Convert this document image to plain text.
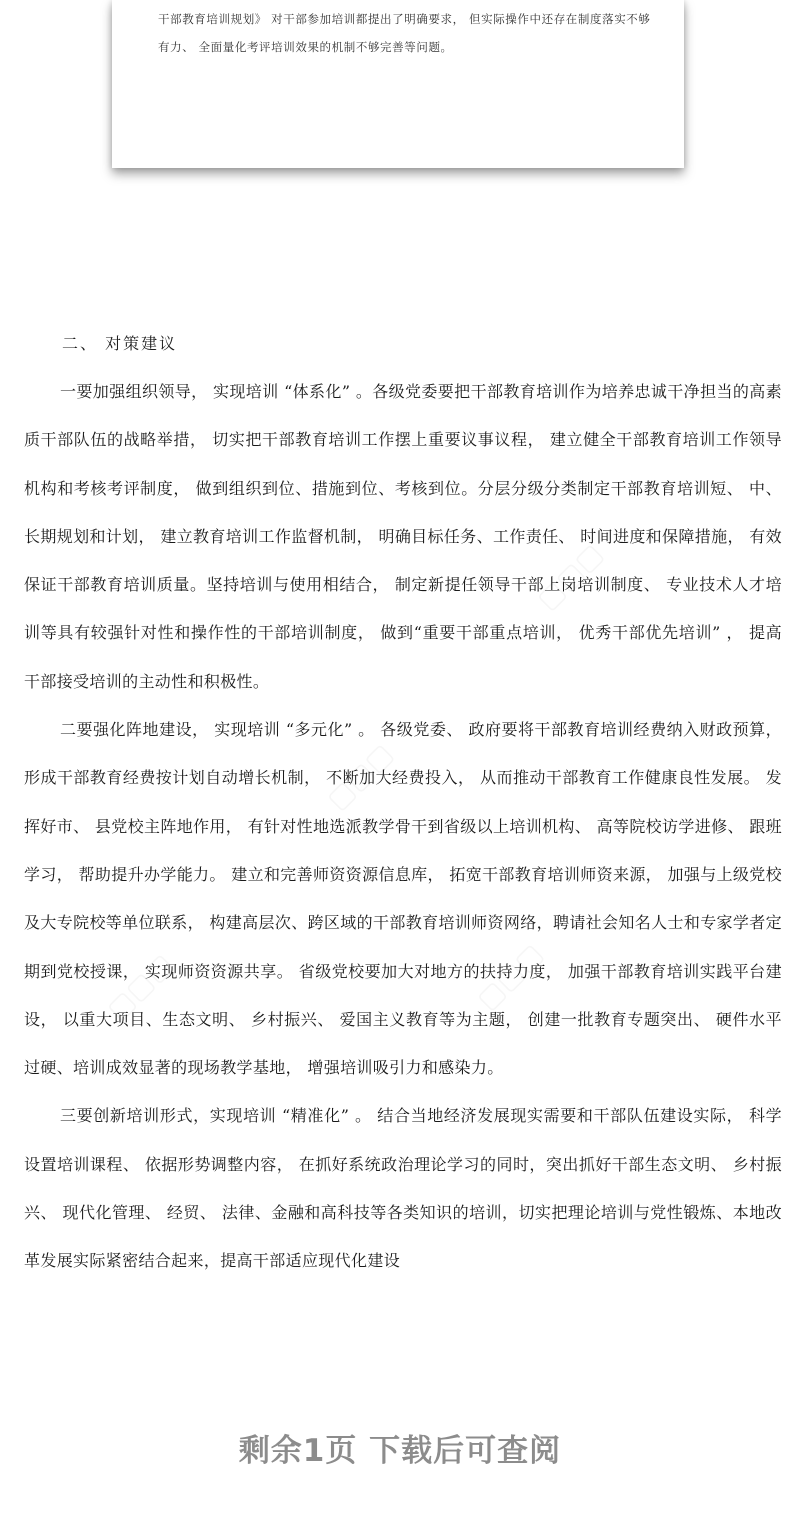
干部教育培训规划》 对干部参加培训都提出了明确要求， 但实际操作中还存在制度落实不够

有力、 全面量化考评培训效果的机制不够完善等问题。

▢▢▢
▢▢▢
▢▢▢
▢▢▢
二、 对策建议

一要加强组织领导， 实现培训 “体系化” 。各级党委要把干部教育培训作为培养忠诚干净担当的高素质干部队伍的战略举措， 切实把干部教育培训工作摆上重要议事议程， 建立健全干部教育培训工作领导机构和考核考评制度， 做到组织到位、措施到位、考核到位。分层分级分类制定干部教育培训短、 中、长期规划和计划， 建立教育培训工作监督机制， 明确目标任务、工作责任、 时间进度和保障措施， 有效保证干部教育培训质量。坚持培训与使用相结合， 制定新提任领导干部上岗培训制度、 专业技术人才培训等具有较强针对性和操作性的干部培训制度， 做到“重要干部重点培训， 优秀干部优先培训” ， 提高干部接受培训的主动性和积极性。

二要强化阵地建设， 实现培训 “多元化” 。 各级党委、 政府要将干部教育培训经费纳入财政预算， 形成干部教育经费按计划自动增长机制， 不断加大经费投入， 从而推动干部教育工作健康良性发展。 发挥好市、 县党校主阵地作用， 有针对性地选派教学骨干到省级以上培训机构、 高等院校访学进修、 跟班学习， 帮助提升办学能力。 建立和完善师资资源信息库， 拓宽干部教育培训师资来源， 加强与上级党校及大专院校等单位联系， 构建高层次、跨区域的干部教育培训师资网络，聘请社会知名人士和专家学者定期到党校授课， 实现师资资源共享。 省级党校要加大对地方的扶持力度， 加强干部教育培训实践平台建设， 以重大项目、生态文明、 乡村振兴、 爱国主义教育等为主题， 创建一批教育专题突出、 硬件水平过硬、培训成效显著的现场教学基地， 增强培训吸引力和感染力。

三要创新培训形式，实现培训 “精准化” 。 结合当地经济发展现实需要和干部队伍建设实际， 科学设置培训课程、 依据形势调整内容， 在抓好系统政治理论学习的同时，突出抓好干部生态文明、 乡村振兴、 现代化管理、 经贸、 法律、金融和高科技等各类知识的培训，切实把理论培训与党性锻炼、本地改革发展实际紧密结合起来，提高干部适应现代化建设

剩余1页 下载后可查阅
